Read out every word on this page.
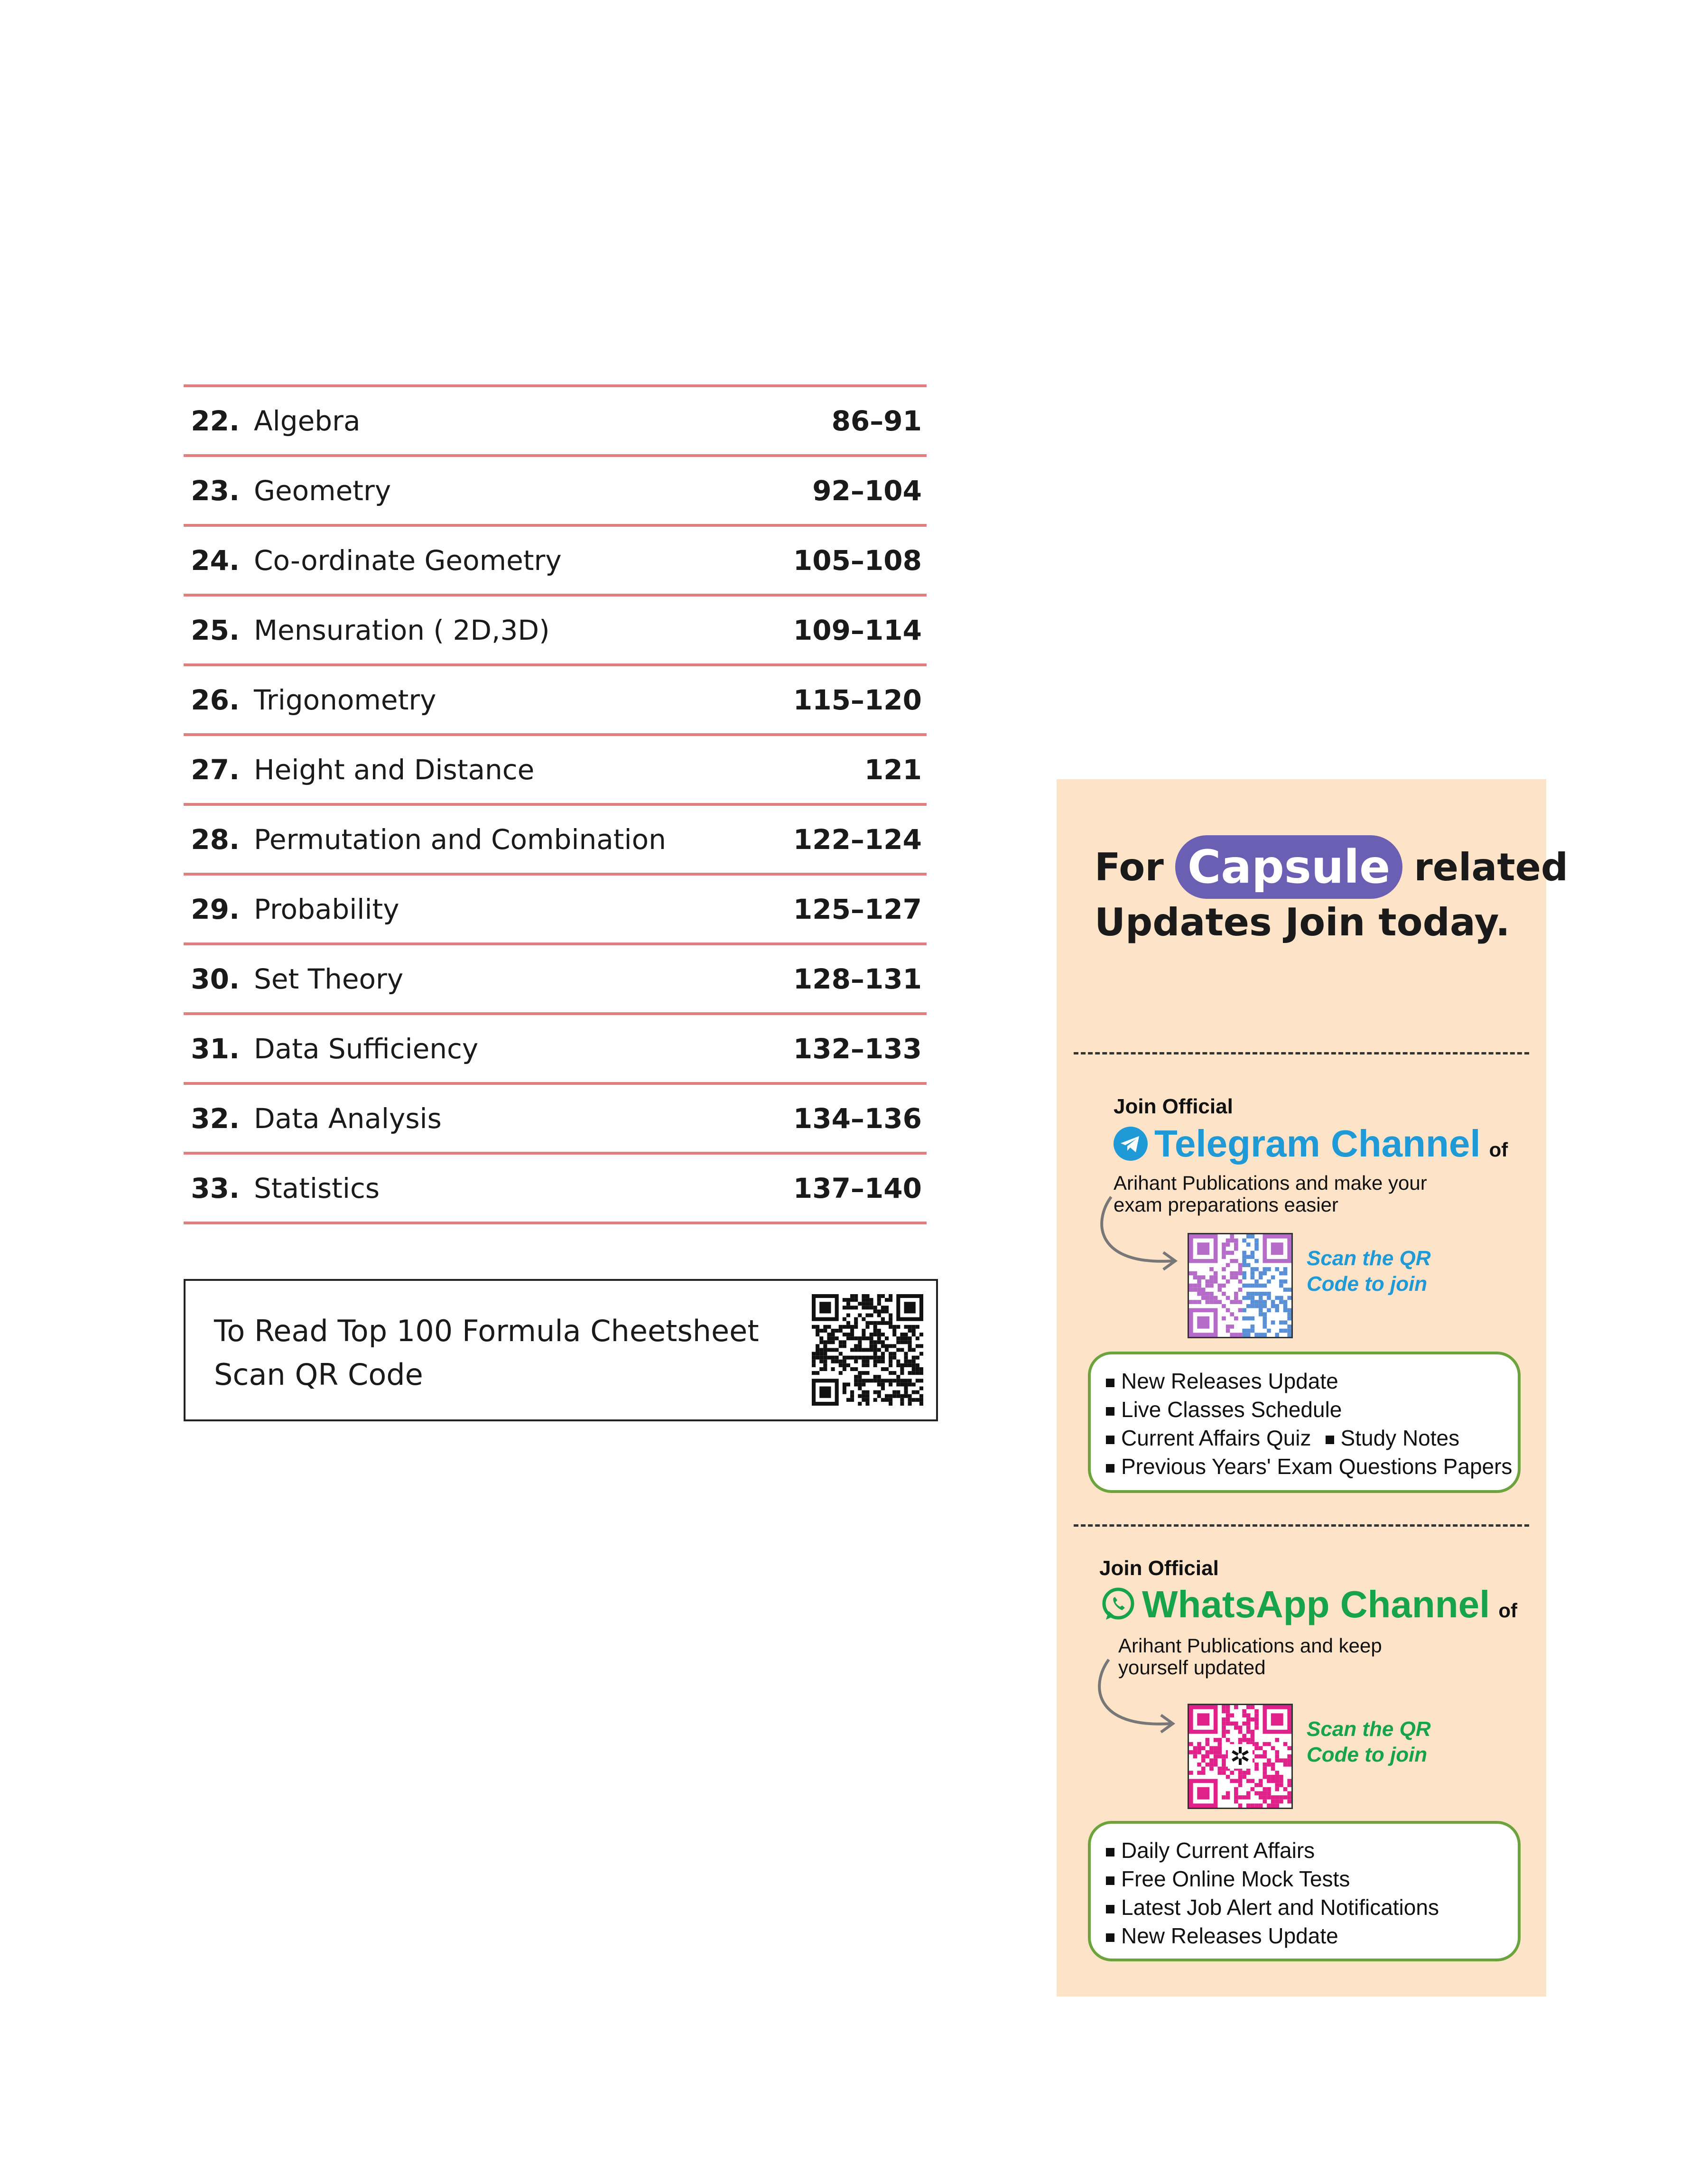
22. Algebra	86–91
23. Geometry	92–104
24. Co-ordinate Geometry	105–108
25. Mensuration ( 2D,3D)	109–114
26. Trigonometry	115–120
27. Height and Distance	121
28. Permutation and Combination	122–124
29. Probability	125–127
30. Set Theory	128–131
31. Data Sufficiency	132–133
32. Data Analysis	134–136
33. Statistics	137–140
To Read Top 100 Formula Cheetsheet
Scan QR Code
For Capsule related
Updates Join today.
Join Official
Telegram Channel of
Arihant Publications and make your
exam preparations easier
Scan the QR
Code to join
New Releases Update
Live Classes Schedule
Current Affairs Quiz Study Notes
Previous Years' Exam Questions Papers
Join Official
WhatsApp Channel of
Arihant Publications and keep
yourself updated
✲
Scan the QR
Code to join
Daily Current Affairs
Free Online Mock Tests
Latest Job Alert and Notifications
New Releases Update
